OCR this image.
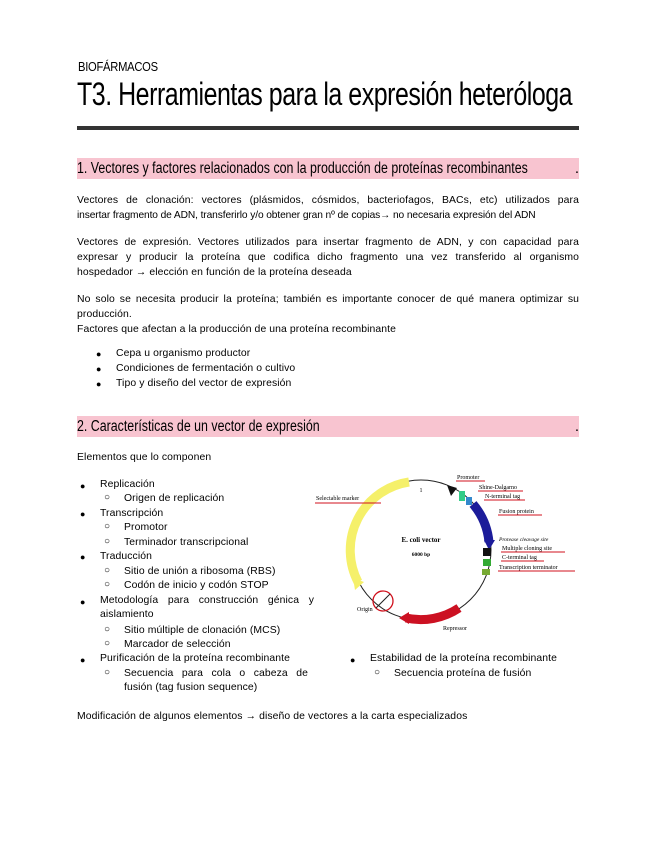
BIOFÁRMACOS
T3. Herramientas para la expresión heteróloga
1. Vectores y factores relacionados con la producción de proteínas recombinantes	.
Vectores de clonación: vectores (plásmidos, cósmidos, bacteriofagos, BACs, etc) utilizados para
insertar fragmento de ADN, transferirlo y/o obtener gran nº de copias→ no necesaria expresión del ADN
Vectores de expresión. Vectores utilizados para insertar fragmento de ADN, y con capacidad para
expresar y producir la proteína que codifica dicho fragmento una vez transferido al organismo
hospedador → elección en función de la proteína deseada
No solo se necesita producir la proteína; también es importante conocer de qué manera optimizar su
producción.
Factores que afectan a la producción de una proteína recombinante
● Cepa u organismo productor
● Condiciones de fermentación o cultivo
● Tipo y diseño del vector de expresión
2. Características de un vector de expresión	.
Elementos que lo componen
● Replicación
○ Origen de replicación
● Transcripción
○ Promotor
○ Terminador transcripcional
● Traducción
○ Sitio de unión a ribosoma (RBS)
○ Codón de inicio y codón STOP
● Metodología para construcción génica y
aislamiento
○ Sitio múltiple de clonación (MCS)
○ Marcador de selección
● Purificación de la proteína recombinante
○ Secuencia para cola o cabeza de
fusión (tag fusion sequence)
● Estabilidad de la proteína recombinante
○ Secuencia proteína de fusión
1
E. coli vector
6000 bp
Promoter
Shine-Dalgarno
N-terminal tag
Fusion protein
Protease cleavage site
Multiple cloning site
C-terminal tag
Transcription terminator
Selectable marker
Origin
Repressor
Modificación de algunos elementos → diseño de vectores a la carta especializados
